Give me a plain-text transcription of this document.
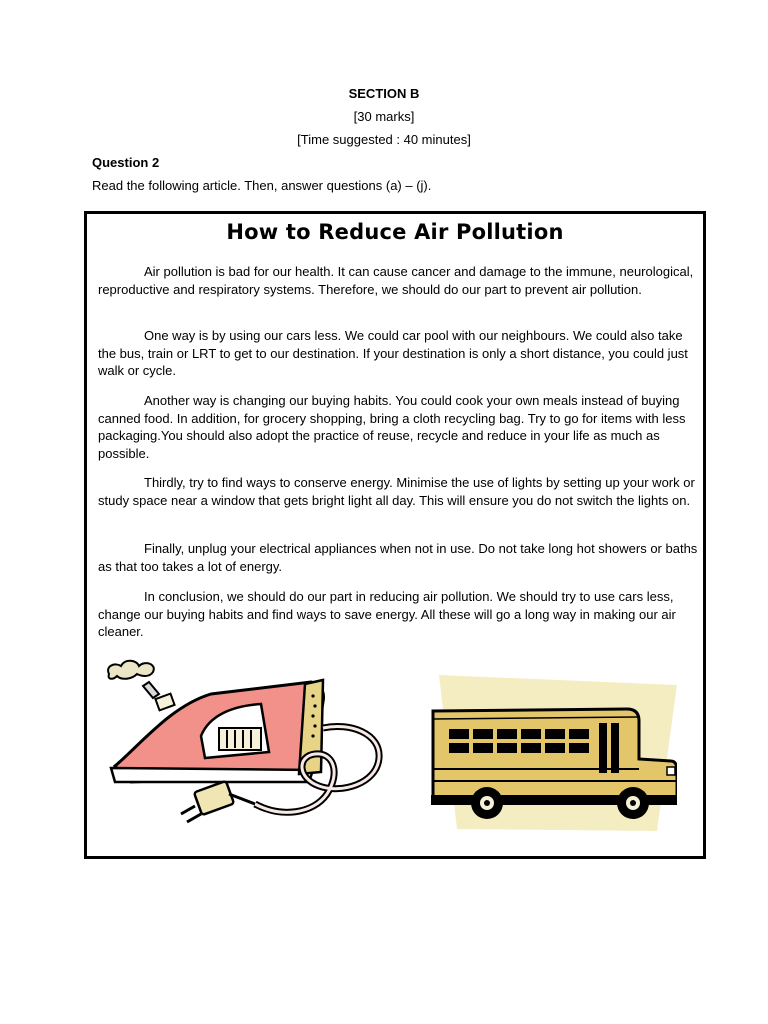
SECTION B
[30 marks]
[Time suggested : 40 minutes]
Question 2
Read the following article. Then, answer questions (a) – (j).
How to Reduce Air Pollution

Air pollution is bad for our health. It can cause cancer and damage to the immune, neurological, reproductive and respiratory systems. Therefore, we should do our part to prevent air pollution.

One way is by using our cars less. We could car pool with our neighbours. We could also take the bus, train or LRT to get to our destination. If your destination is only a short distance, you could just walk or cycle.

Another way is changing our buying habits. You could cook your own meals instead of buying canned food. In addition, for grocery shopping, bring a cloth recycling bag. Try to go for items with less packaging.You should also adopt the practice of reuse, recycle and reduce in your life as much as possible.

Thirdly, try to find ways to conserve energy. Minimise the use of lights by setting up your work or study space near a window that gets bright light all day. This will ensure you do not switch the lights on.

Finally, unplug your electrical appliances when not in use. Do not take long hot showers or baths as that too takes a lot of energy.

In conclusion, we should do our part in reducing air pollution. We should try to use cars less, change our buying habits and find ways to save energy. All these will go a long way in making our air cleaner.
